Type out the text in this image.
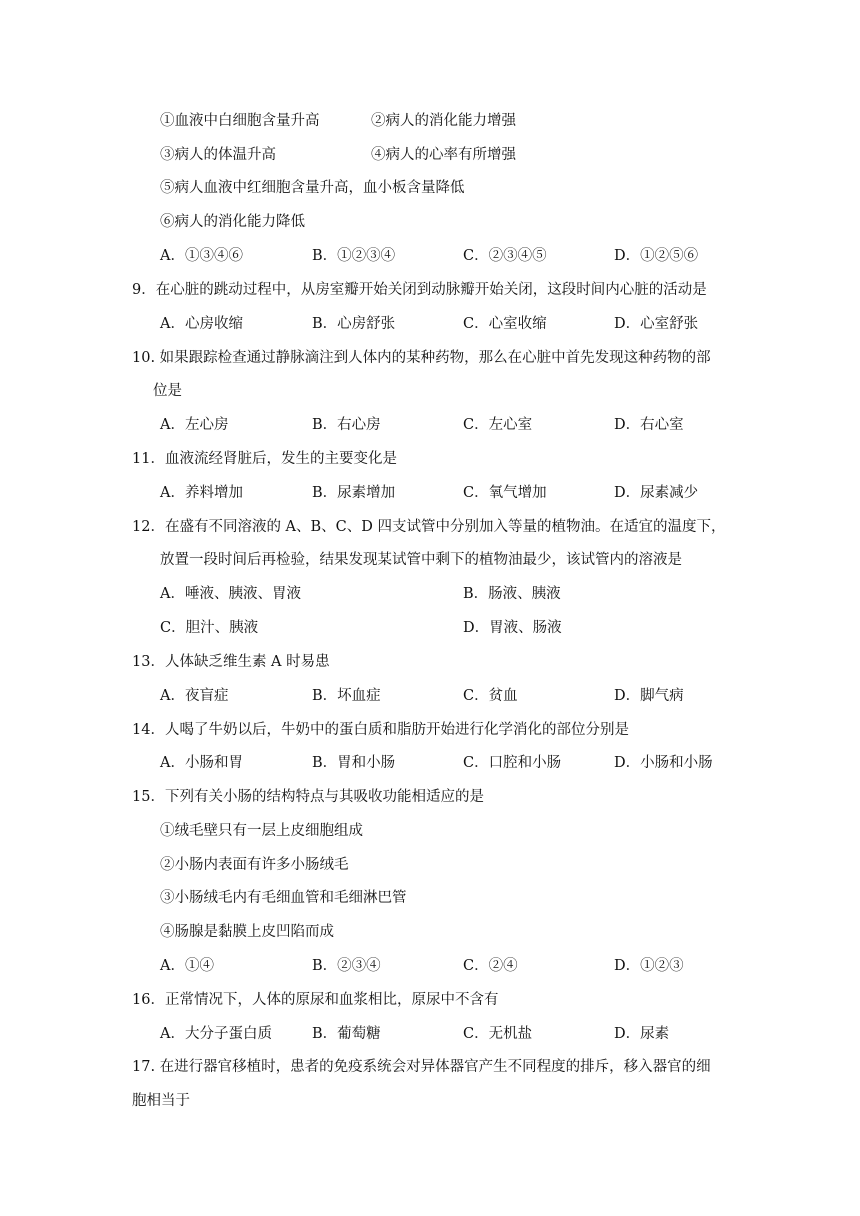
①血液中白细胞含量升高	②病人的消化能力增强
③病人的体温升高	④病人的心率有所增强
⑤病人血液中红细胞含量升高，血小板含量降低
⑥病人的消化能力降低
A．①③④⑥	B．①②③④	C．②③④⑤	D．①②⑤⑥
9．在心脏的跳动过程中，从房室瓣开始关闭到动脉瓣开始关闭，这段时间内心脏的活动是
A．心房收缩	B．心房舒张	C．心室收缩	D．心室舒张
10. 如果跟踪检查通过静脉滴注到人体内的某种药物，那么在心脏中首先发现这种药物的部
位是
A．左心房	B．右心房	C．左心室	D．右心室
11．血液流经肾脏后，发生的主要变化是
A．养料增加	B．尿素增加	C．氧气增加	D．尿素减少
12．在盛有不同溶液的 A、B、C、D 四支试管中分别加入等量的植物油。在适宜的温度下，
放置一段时间后再检验，结果发现某试管中剩下的植物油最少，该试管内的溶液是
A．唾液、胰液、胃液	B．肠液、胰液
C．胆汁、胰液	D．胃液、肠液
13．人体缺乏维生素 A 时易患
A．夜盲症	B．坏血症	C．贫血	D．脚气病
14．人喝了牛奶以后，牛奶中的蛋白质和脂肪开始进行化学消化的部位分别是
A．小肠和胃	B．胃和小肠	C．口腔和小肠	D．小肠和小肠
15．下列有关小肠的结构特点与其吸收功能相适应的是
①绒毛壁只有一层上皮细胞组成
②小肠内表面有许多小肠绒毛
③小肠绒毛内有毛细血管和毛细淋巴管
④肠腺是黏膜上皮凹陷而成
A．①④	B．②③④	C．②④	D．①②③
16．正常情况下，人体的原尿和血浆相比，原尿中不含有
A．大分子蛋白质	B．葡萄糖	C．无机盐	D．尿素
17. 在进行器官移植时，患者的免疫系统会对异体器官产生不同程度的排斥，移入器官的细
胞相当于
